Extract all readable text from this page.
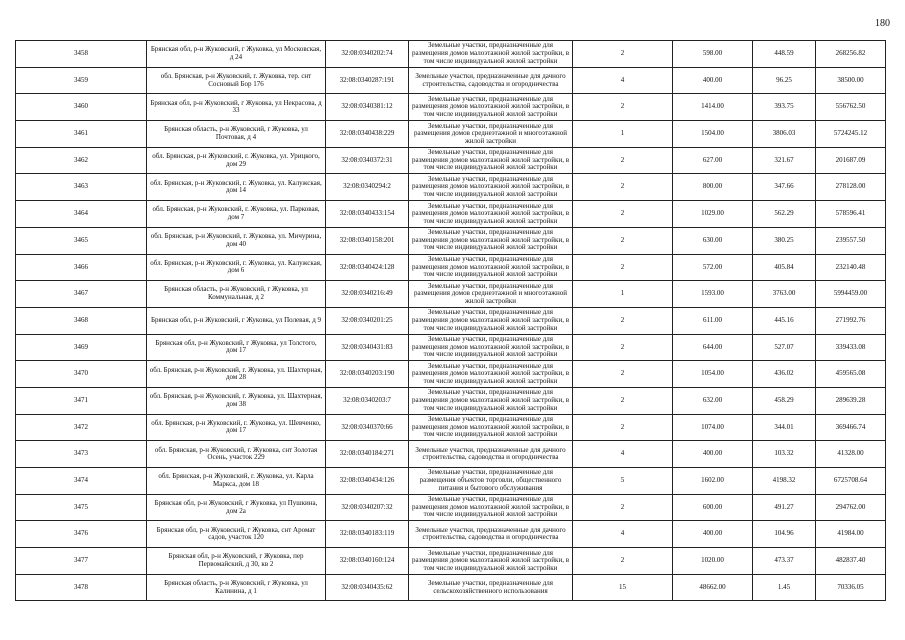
180
3458	Брянская обл, р-н Жуковский, г Жуковка, ул Московская, д 24	32:08:0340202:74	Земельные участки, предназначенные для размещения домов малоэтажной жилой застройки, в том числе индивидуальной жилой застройки	2	598.00	448.59	268256.82
3459	обл. Брянская, р-н Жуковский, г. Жуковка, тер. снт Сосновый Бор 176	32:08:0340287:191	Земельные участки, предназначенные для дачного строительства, садоводства и огородничества	4	400.00	96.25	38500.00
3460	Брянская обл, р-н Жуковский, г Жуковка, ул Некрасова, д 33	32:08:0340381:12	Земельные участки, предназначенные для размещения домов малоэтажной жилой застройки, в том числе индивидуальной жилой застройки	2	1414.00	393.75	556762.50
3461	Брянская область, р-н Жуковский, г Жуковка, ул Почтовая, д 4	32:08:0340438:229	Земельные участки, предназначенные для размещения домов среднеэтажной и многоэтажной жилой застройки	1	1504.00	3806.03	5724245.12
3462	обл. Брянская, р-н Жуковский, г. Жуковка, ул. Урицкого, дом 29	32:08:0340372:31	Земельные участки, предназначенные для размещения домов малоэтажной жилой застройки, в том числе индивидуальной жилой застройки	2	627.00	321.67	201687.09
3463	обл. Брянская, р-н Жуковский, г. Жуковка, ул. Калужская, дом 14	32:08:0340294:2	Земельные участки, предназначенные для размещения домов малоэтажной жилой застройки, в том числе индивидуальной жилой застройки	2	800.00	347.66	278128.00
3464	обл. Брянская, р-н Жуковский, г. Жуковка, ул. Парковая, дом 7	32:08:0340433:154	Земельные участки, предназначенные для размещения домов малоэтажной жилой застройки, в том числе индивидуальной жилой застройки	2	1029.00	562.29	578596.41
3465	обл. Брянская, р-н Жуковский, г. Жуковка, ул. Мичурина, дом 40	32:08:0340158:201	Земельные участки, предназначенные для размещения домов малоэтажной жилой застройки, в том числе индивидуальной жилой застройки	2	630.00	380.25	239557.50
3466	обл. Брянская, р-н Жуковский, г. Жуковка, ул. Калужская, дом 6	32:08:0340424:128	Земельные участки, предназначенные для размещения домов малоэтажной жилой застройки, в том числе индивидуальной жилой застройки	2	572.00	405.84	232140.48
3467	Брянская область, р-н Жуковский, г Жуковка, ул Коммунальная, д 2	32:08:0340216:49	Земельные участки, предназначенные для размещения домов среднеэтажной и многоэтажной жилой застройки	1	1593.00	3763.00	5994459.00
3468	Брянская обл, р-н Жуковский, г Жуковка, ул Полевая, д 9	32:08:0340201:25	Земельные участки, предназначенные для размещения домов малоэтажной жилой застройки, в том числе индивидуальной жилой застройки	2	611.00	445.16	271992.76
3469	Брянская обл, р-н Жуковский, г Жуковка, ул Толстого, дом 17	32:08:0340431:83	Земельные участки, предназначенные для размещения домов малоэтажной жилой застройки, в том числе индивидуальной жилой застройки	2	644.00	527.07	339433.08
3470	обл. Брянская, р-н Жуковский, г. Жуковка, ул. Шахтерная, дом 28	32:08:0340203:190	Земельные участки, предназначенные для размещения домов малоэтажной жилой застройки, в том числе индивидуальной жилой застройки	2	1054.00	436.02	459565.08
3471	обл. Брянская, р-н Жуковский, г. Жуковка, ул. Шахтерная, дом 38	32:08:0340203:7	Земельные участки, предназначенные для размещения домов малоэтажной жилой застройки, в том числе индивидуальной жилой застройки	2	632.00	458.29	289639.28
3472	обл. Брянская, р-н Жуковский, г. Жуковка, ул. Шевченко, дом 17	32:08:0340370:66	Земельные участки, предназначенные для размещения домов малоэтажной жилой застройки, в том числе индивидуальной жилой застройки	2	1074.00	344.01	369466.74
3473	обл. Брянская, р-н Жуковский, г. Жуковка, снт Золотая Осень, участок 229	32:08:0340184:271	Земельные участки, предназначенные для дачного строительства, садоводства и огородничества	4	400.00	103.32	41328.00
3474	обл. Брянская, р-н Жуковский, г. Жуковка, ул. Карла Маркса, дом 18	32:08:0340434:126	Земельные участки, предназначенные для размещения объектов торговли, общественного питания и бытового обслуживания	5	1602.00	4198.32	6725708.64
3475	Брянская обл, р-н Жуковский, г Жуковка, ул Пушкина, дом 2а	32:08:0340207:32	Земельные участки, предназначенные для размещения домов малоэтажной жилой застройки, в том числе индивидуальной жилой застройки	2	600.00	491.27	294762.00
3476	Брянская обл, р-н Жуковский, г Жуковка, снт Аромат садов, участок 120	32:08:0340183:119	Земельные участки, предназначенные для дачного строительства, садоводства и огородничества	4	400.00	104.96	41984.00
3477	Брянская обл, р-н Жуковский, г Жуковка, пер Первомайский, д 30, кв 2	32:08:0340160:124	Земельные участки, предназначенные для размещения домов малоэтажной жилой застройки, в том числе индивидуальной жилой застройки	2	1020.00	473.37	482837.40
3478	Брянская область, р-н Жуковский, г Жуковка, ул Калинина, д 1	32:08:0340435:62	Земельные участки, предназначенные для сельскохозяйственного использования	15	48662.00	1.45	70336.05
